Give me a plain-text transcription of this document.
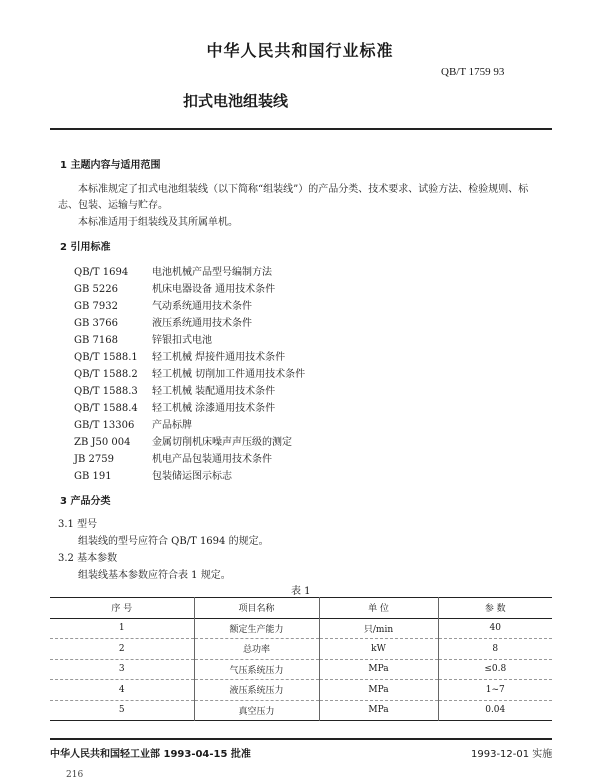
中华人民共和国行业标准
QB/T 1759 93
扣式电池组装线
1 主题内容与适用范围
本标准规定了扣式电池组装线（以下简称“组装线”）的产品分类、技术要求、试验方法、检验规则、标
志、包装、运输与贮存。
本标准适用于组装线及其所属单机。
2 引用标准
QB/T 1694 电池机械产品型号编制方法
GB 5226	机床电器设备 通用技术条件
GB 7932	气动系统通用技术条件
GB 3766	液压系统通用技术条件
GB 7168	锌银扣式电池
QB/T 1588.1 轻工机械 焊接件通用技术条件
QB/T 1588.2 轻工机械 切削加工件通用技术条件
QB/T 1588.3 轻工机械 装配通用技术条件
QB/T 1588.4 轻工机械 涂漆通用技术条件
GB/T 13306 产品标牌
ZB J50 004 金属切削机床噪声声压级的测定
JB 2759	机电产品包装通用技术条件
GB 191	包装储运图示标志
3 产品分类
3.1 型号
组装线的型号应符合 QB/T 1694 的规定。
3.2 基本参数
组装线基本参数应符合表 1 规定。
表 1
序 号	项目名称	单 位	参 数
1	额定生产能力	只/min	40
2	总功率	kW	8
3	气压系统压力	MPa	≤0.8
4	液压系统压力	MPa	1~7
5	真空压力	MPa	0.04
中华人民共和国轻工业部 1993-04-15 批准	1993-12-01 实施
216
